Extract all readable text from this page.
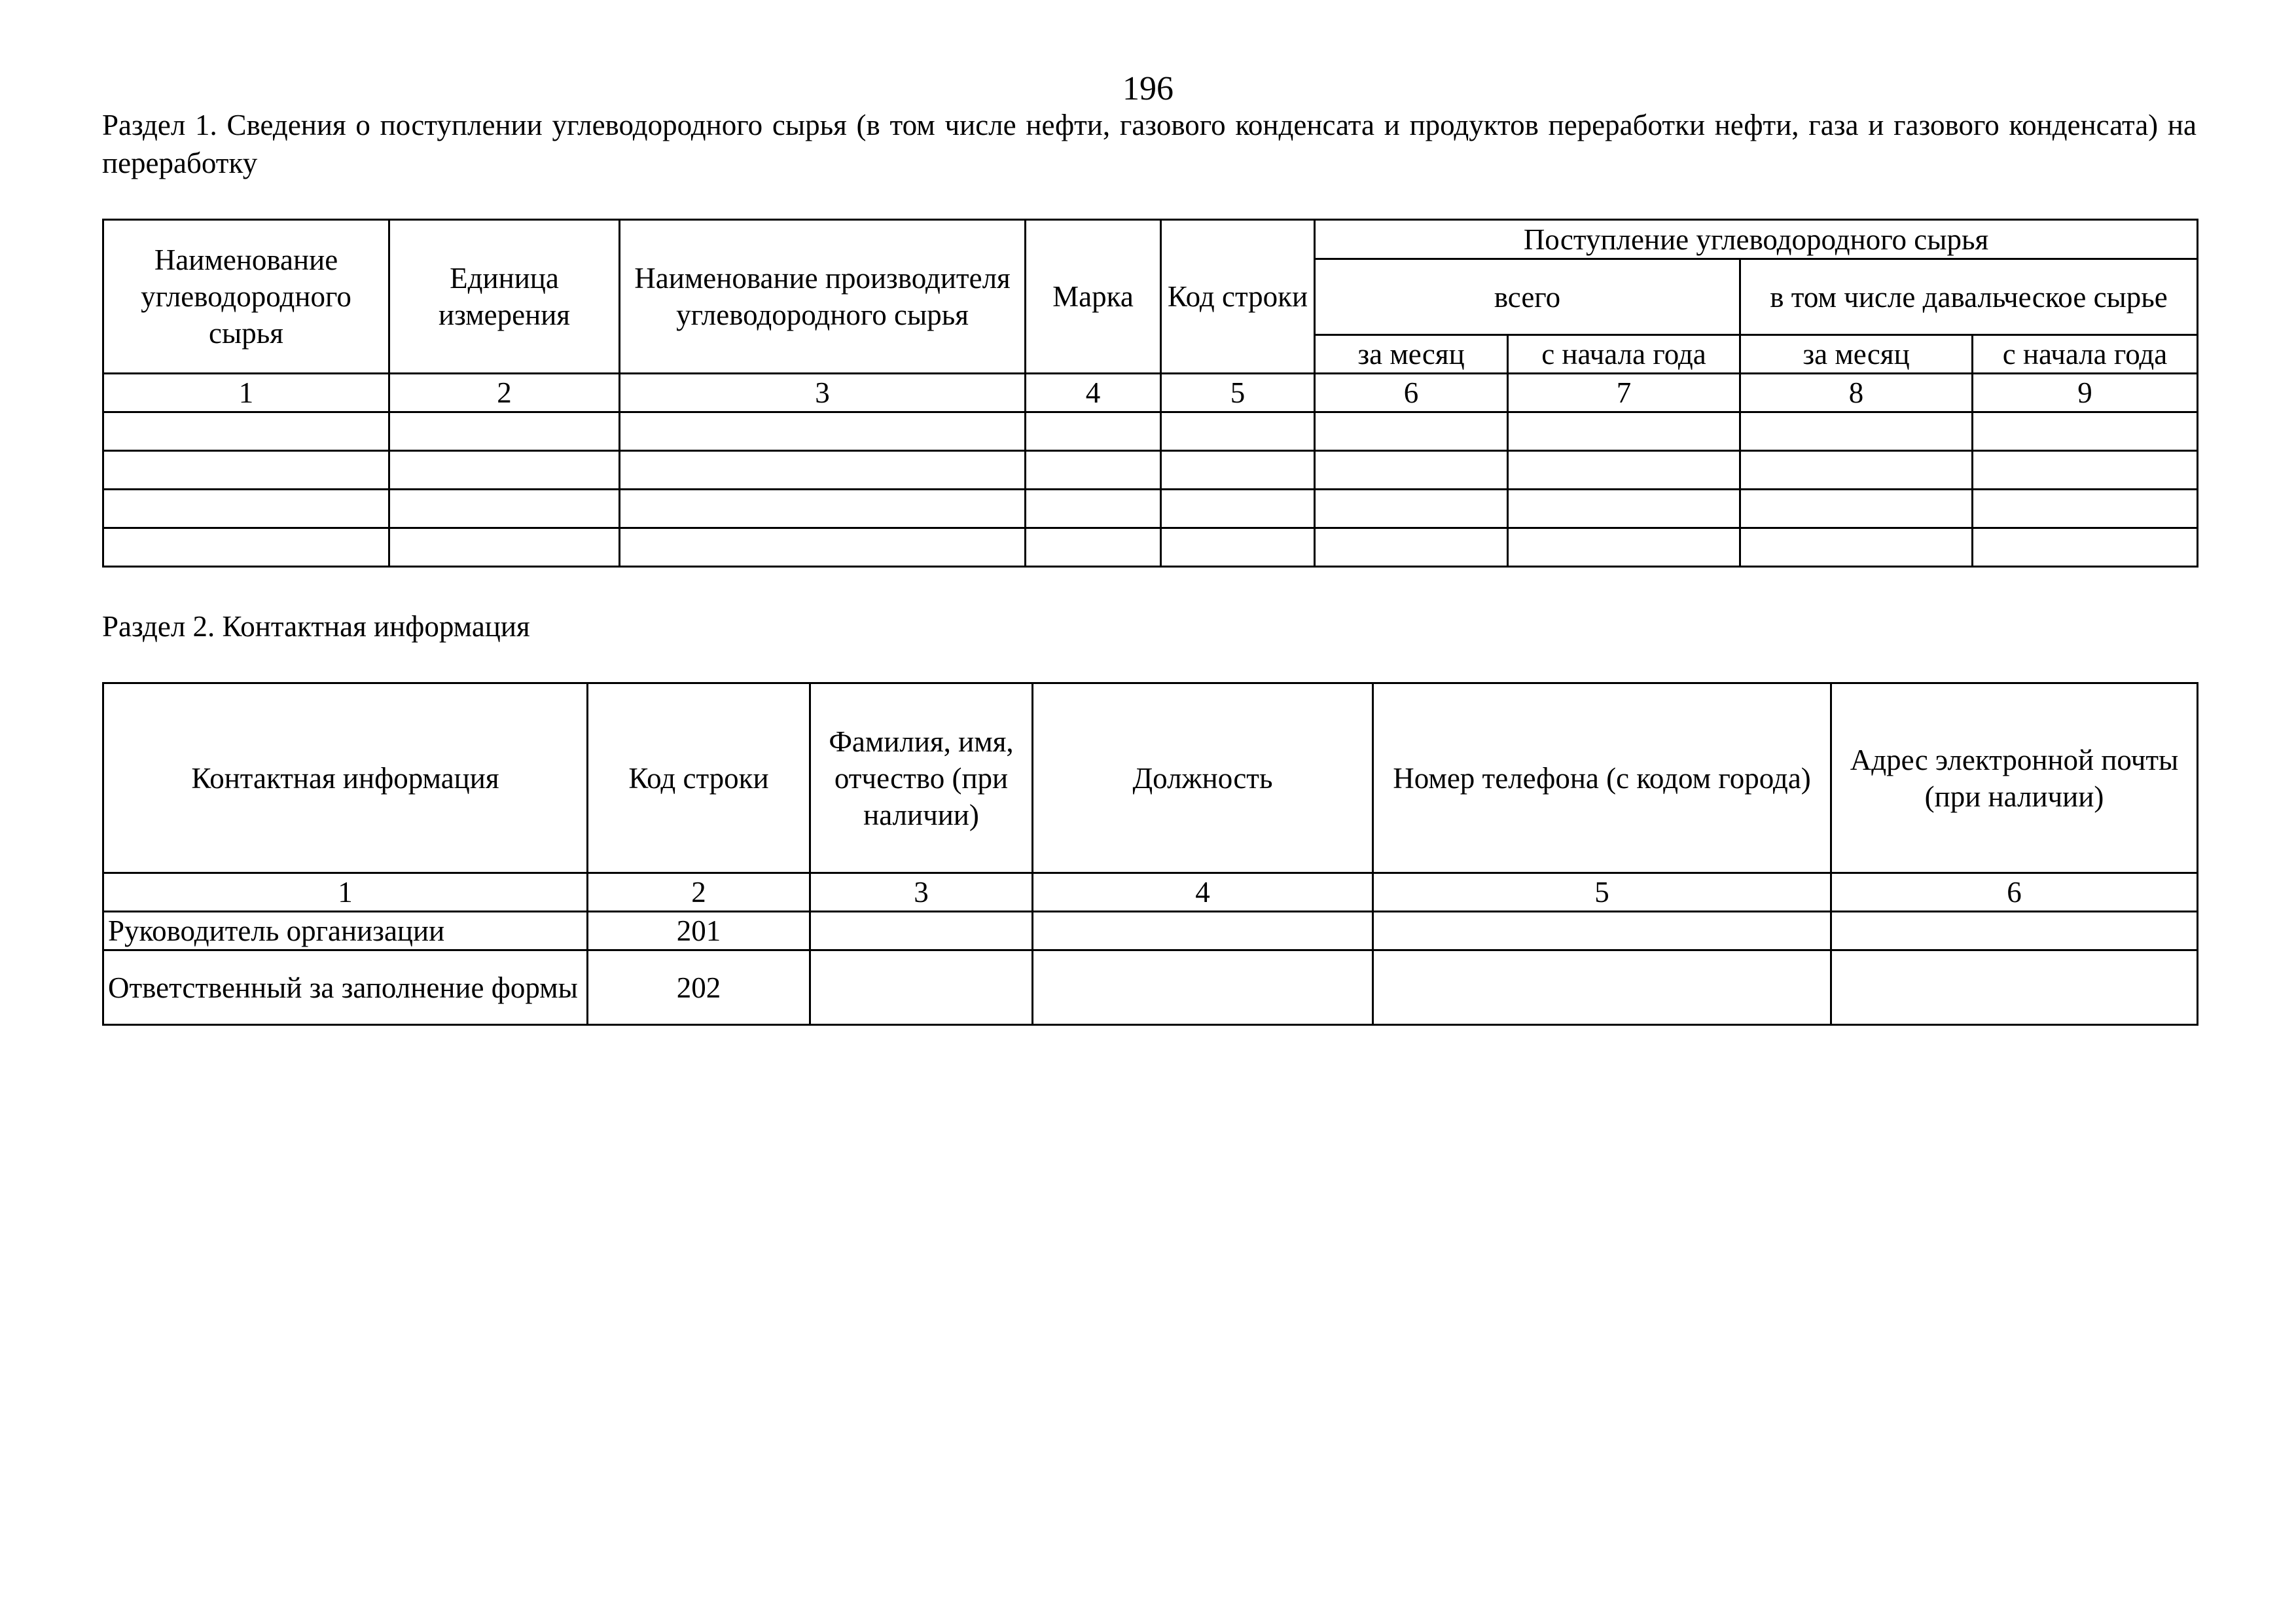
196
Раздел 1. Сведения о поступлении углеводородного сырья (в том числе нефти, газового конденсата и продуктов переработки нефти, газа и газового конденсата) на переработку
Наименование углеводородного сырья	Единица измерения	Наименование производителя углеводородного сырья	Марка	Код строки	Поступление углеводородного сырья			
					всего		в том числе давальческое сырье	
					за месяц	с начала года	за месяц	с начала года
1	2	3	4	5	6	7	8	9

Раздел 2. Контактная информация
Контактная информация	Код строки	Фамилия, имя, отчество (при наличии)	Должность	Номер телефона (с кодом города)	Адрес электронной почты (при наличии)
1	2	3	4	5	6
Руководитель организации	201				
Ответственный за заполнение формы	202				
